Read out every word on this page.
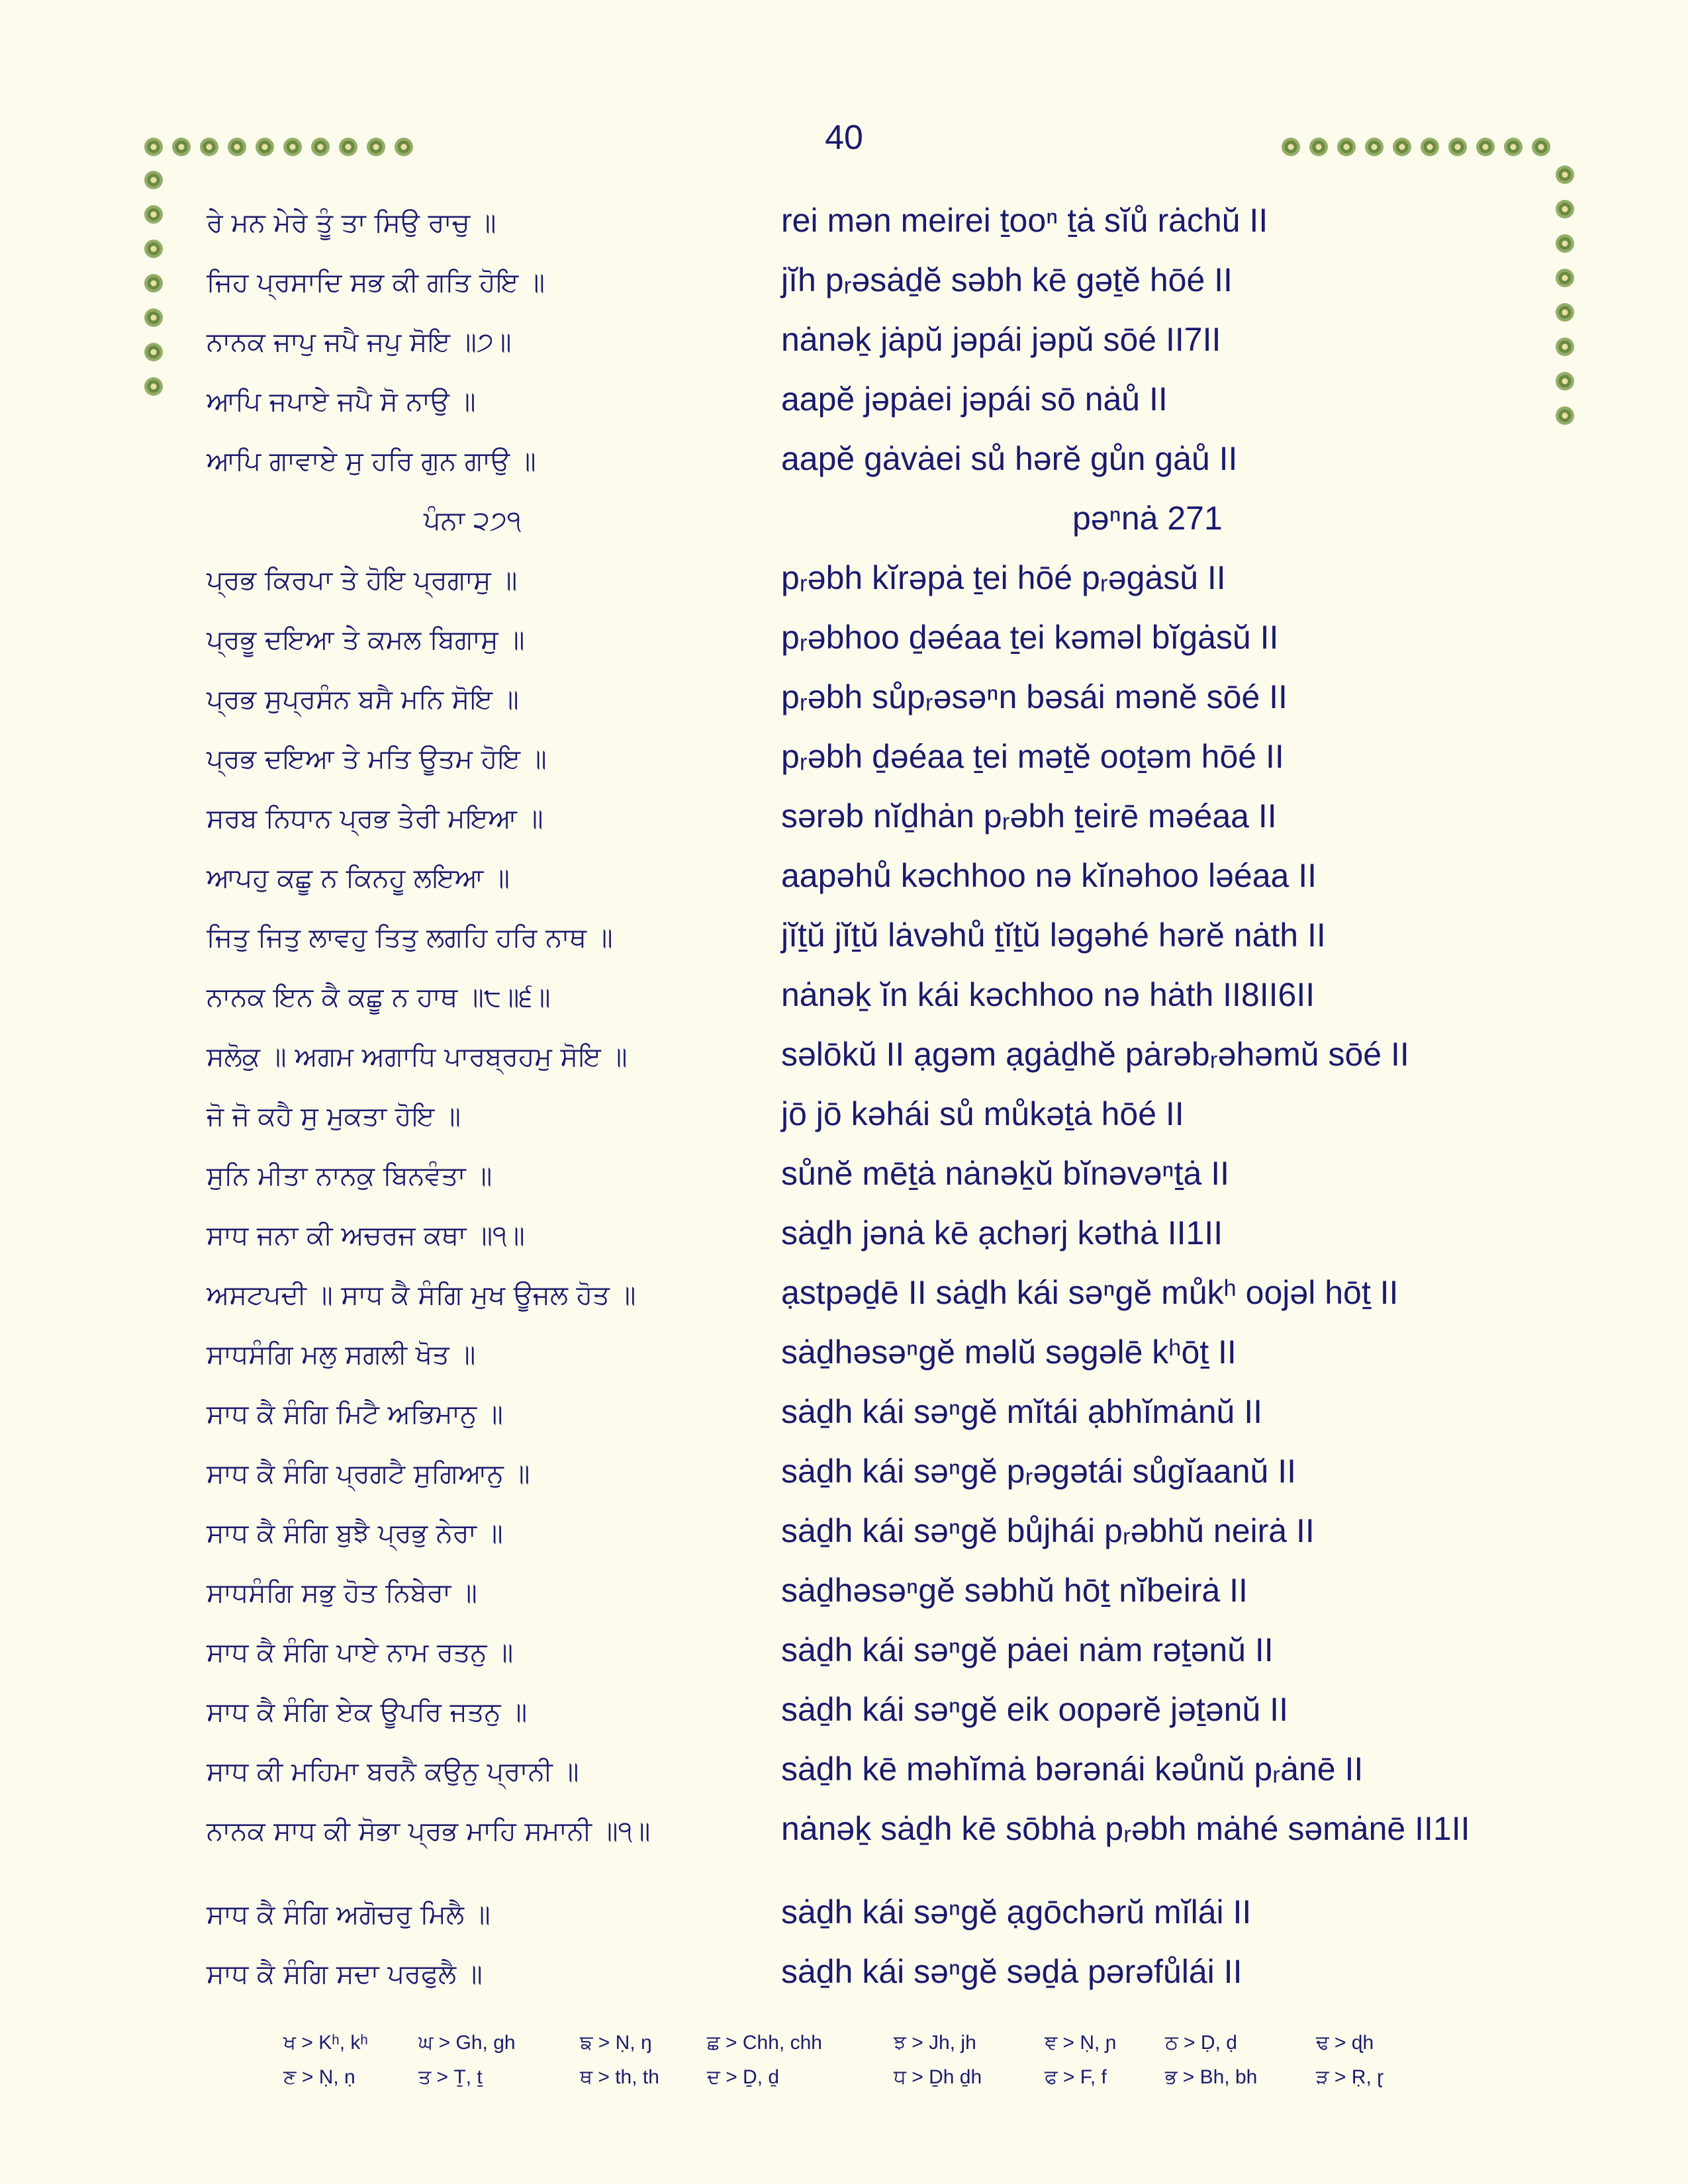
40
ਰੇ ਮਨ ਮੇਰੇ ਤੂੰ ਤਾ ਸਿਉ ਰਾਚੁ ॥	rei mən meirei ṯooⁿ ṯȧ sĭů rȧchŭ II
ਜਿਹ ਪ੍ਰਸਾਦਿ ਸਭ ਕੀ ਗਤਿ ਹੋਇ ॥	jĭh pᵣəsȧḏĕ səbh kē gəṯĕ hōé II
ਨਾਨਕ ਜਾਪੁ ਜਪੈ ਜਪੁ ਸੋਇ ॥੭॥	nȧnəḵ jȧpŭ jəpái jəpŭ sōé II7II
ਆਪਿ ਜਪਾਏ ਜਪੈ ਸੋ ਨਾਉ ॥	aapĕ jəpȧei jəpái sō nȧů II
ਆਪਿ ਗਾਵਾਏ ਸੁ ਹਰਿ ਗੁਨ ਗਾਉ ॥	aapĕ gȧvȧei sů hərĕ gůn gȧů II
ਪੰਨਾ ੨੭੧	pəⁿnȧ 271
ਪ੍ਰਭ ਕਿਰਪਾ ਤੇ ਹੋਇ ਪ੍ਰਗਾਸੁ ॥	pᵣəbh kĭrəpȧ ṯei hōé pᵣəgȧsŭ II
ਪ੍ਰਭੂ ਦਇਆ ਤੇ ਕਮਲ ਬਿਗਾਸੁ ॥	pᵣəbhoo ḏəéaa ṯei kəməl bĭgȧsŭ II
ਪ੍ਰਭ ਸੁਪ੍ਰਸੰਨ ਬਸੈ ਮਨਿ ਸੋਇ ॥	pᵣəbh sůpᵣəsəⁿn bəsái mənĕ sōé II
ਪ੍ਰਭ ਦਇਆ ਤੇ ਮਤਿ ਊਤਮ ਹੋਇ ॥	pᵣəbh ḏəéaa ṯei məṯĕ ooṯəm hōé II
ਸਰਬ ਨਿਧਾਨ ਪ੍ਰਭ ਤੇਰੀ ਮਇਆ ॥	sərəb nĭḏhȧn pᵣəbh ṯeirē məéaa II
ਆਪਹੁ ਕਛੂ ਨ ਕਿਨਹੂ ਲਇਆ ॥	aapəhů kəchhoo nə kĭnəhoo ləéaa II
ਜਿਤੁ ਜਿਤੁ ਲਾਵਹੁ ਤਿਤੁ ਲਗਹਿ ਹਰਿ ਨਾਥ ॥	jĭṯŭ jĭṯŭ lȧvəhů ṯĭṯŭ ləgəhé hərĕ nȧth II
ਨਾਨਕ ਇਨ ਕੈ ਕਛੂ ਨ ਹਾਥ ॥੮॥੬॥	nȧnəḵ ĭn kái kəchhoo nə hȧth II8II6II
ਸਲੋਕੁ ॥ ਅਗਮ ਅਗਾਧਿ ਪਾਰਬ੍ਰਹਮੁ ਸੋਇ ॥	səlōkŭ II ạgəm ạgȧḏhĕ pȧrəbᵣəhəmŭ sōé II
ਜੋ ਜੋ ਕਹੈ ਸੁ ਮੁਕਤਾ ਹੋਇ ॥	jō jō kəhái sů můkəṯȧ hōé II
ਸੁਨਿ ਮੀਤਾ ਨਾਨਕੁ ਬਿਨਵੰਤਾ ॥	sůnĕ mēṯȧ nȧnəḵŭ bĭnəvəⁿṯȧ II
ਸਾਧ ਜਨਾ ਕੀ ਅਚਰਜ ਕਥਾ ॥੧॥	sȧḏh jənȧ kē ạchərj kəthȧ II1II
ਅਸਟਪਦੀ ॥ ਸਾਧ ਕੈ ਸੰਗਿ ਮੁਖ ਊਜਲ ਹੋਤ ॥	ạstpəḏē II sȧḏh kái səⁿgĕ můkʰ oojəl hōṯ II
ਸਾਧਸੰਗਿ ਮਲੁ ਸਗਲੀ ਖੋਤ ॥	sȧḏhəsəⁿgĕ məlŭ səgəlē kʰōṯ II
ਸਾਧ ਕੈ ਸੰਗਿ ਮਿਟੈ ਅਭਿਮਾਨੁ ॥	sȧḏh kái səⁿgĕ mĭtái ạbhĭmȧnŭ II
ਸਾਧ ਕੈ ਸੰਗਿ ਪ੍ਰਗਟੈ ਸੁਗਿਆਨੁ ॥	sȧḏh kái səⁿgĕ pᵣəgətái sůgĭaanŭ II
ਸਾਧ ਕੈ ਸੰਗਿ ਬੁਝੈ ਪ੍ਰਭੁ ਨੇਰਾ ॥	sȧḏh kái səⁿgĕ bůjhái pᵣəbhŭ neirȧ II
ਸਾਧਸੰਗਿ ਸਭੁ ਹੋਤ ਨਿਬੇਰਾ ॥	sȧḏhəsəⁿgĕ səbhŭ hōṯ nĭbeirȧ II
ਸਾਧ ਕੈ ਸੰਗਿ ਪਾਏ ਨਾਮ ਰਤਨੁ ॥	sȧḏh kái səⁿgĕ pȧei nȧm rəṯənŭ II
ਸਾਧ ਕੈ ਸੰਗਿ ਏਕ ਊਪਰਿ ਜਤਨੁ ॥	sȧḏh kái səⁿgĕ eik oopərĕ jəṯənŭ II
ਸਾਧ ਕੀ ਮਹਿਮਾ ਬਰਨੈ ਕਉਨੁ ਪ੍ਰਾਨੀ ॥	sȧḏh kē məhĭmȧ bərənái kəůnŭ pᵣȧnē II
ਨਾਨਕ ਸਾਧ ਕੀ ਸੋਭਾ ਪ੍ਰਭ ਮਾਹਿ ਸਮਾਨੀ ॥੧॥	nȧnəḵ sȧḏh kē sōbhȧ pᵣəbh mȧhé səmȧnē II1II
ਸਾਧ ਕੈ ਸੰਗਿ ਅਗੋਚਰੁ ਮਿਲੈ ॥	sȧḏh kái səⁿgĕ ạgōchərŭ mĭlái II
ਸਾਧ ਕੈ ਸੰਗਿ ਸਦਾ ਪਰਫੁਲੈ ॥	sȧḏh kái səⁿgĕ səḏȧ pərəfůlái II
ਖ > Kʰ, kʰ	ਘ > Gh, gh	ਙ > Ṇ, ŋ	ਛ > Chh, chh	ਝ > Jh, jh	ਞ > Ṇ, ɲ ਠ > Ḍ, ḍ	ਢ > ɖh
ਣ > Ṇ, ṇ	ਤ > Ṯ, ṯ	ਥ > th, th ਦ > Ḏ, ḏ	ਧ > Ḏh ḏh	ਫ > F, f	ਭ > Bh, bh	ੜ > Ṛ, ɽ
